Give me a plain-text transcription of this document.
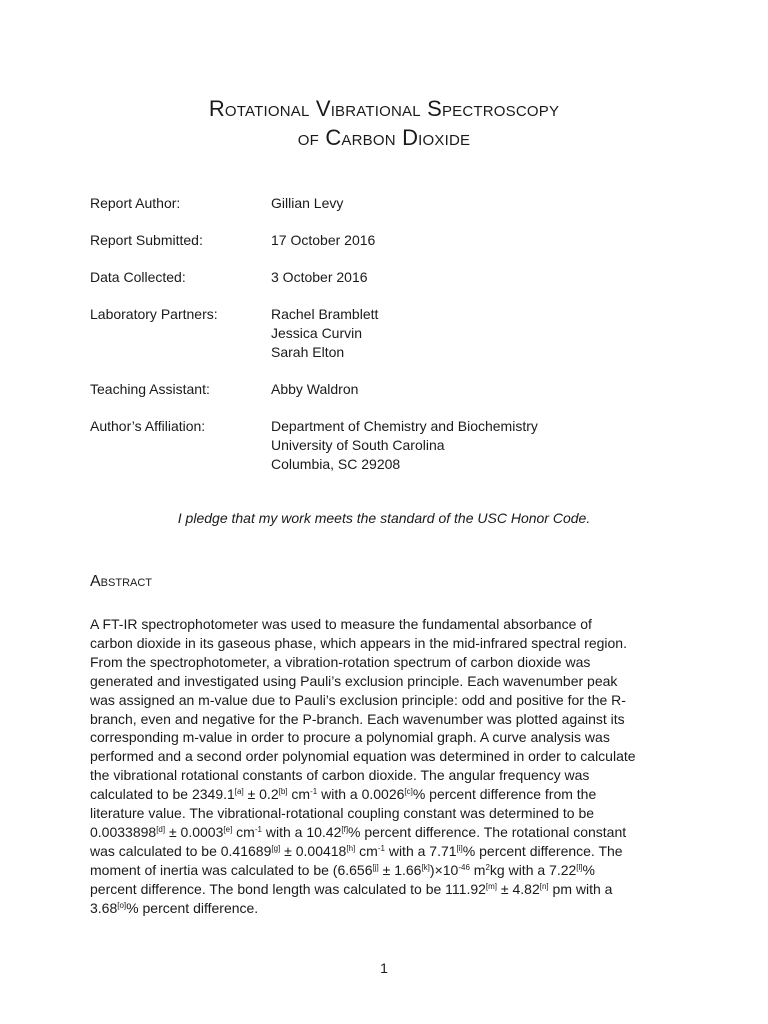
Rotational Vibrational Spectroscopy
of Carbon Dioxide
Report Author:	Gillian Levy
Report Submitted:	17 October 2016
Data Collected:	3 October 2016
Laboratory Partners:	Rachel Bramblett
Jessica Curvin
Sarah Elton
Teaching Assistant:	Abby Waldron
Author’s Affiliation:	Department of Chemistry and Biochemistry
University of South Carolina
Columbia, SC 29208
I pledge that my work meets the standard of the USC Honor Code.
Abstract
A FT-IR spectrophotometer was used to measure the fundamental absorbance of
carbon dioxide in its gaseous phase, which appears in the mid-infrared spectral region.
From the spectrophotometer, a vibration-rotation spectrum of carbon dioxide was
generated and investigated using Pauli’s exclusion principle. Each wavenumber peak
was assigned an m-value due to Pauli’s exclusion principle: odd and positive for the R-
branch, even and negative for the P-branch. Each wavenumber was plotted against its
corresponding m-value in order to procure a polynomial graph. A curve analysis was
performed and a second order polynomial equation was determined in order to calculate
the vibrational rotational constants of carbon dioxide. The angular frequency was
calculated to be 2349.1[a] ± 0.2[b] $cm^{-1}$ with a 0.0026[c]% percent difference from the
literature value. The vibrational-rotational coupling constant was determined to be
0.0033898[d] ± 0.0003[e] $cm^{-1}$ with a 10.42[f]% percent difference. The rotational constant
was calculated to be 0.41689[g] ± 0.00418[h] $cm^{-1}$ with a 7.71[i]% percent difference. The
moment of inertia was calculated to be $(6.656[j] \pm 1.66[k])\times 10^{-46}$ $m^2kg$ with a 7.22[l]%
percent difference. The bond length was calculated to be 111.92[m] ± 4.82[n] pm with a
3.68[o]% percent difference.
1
